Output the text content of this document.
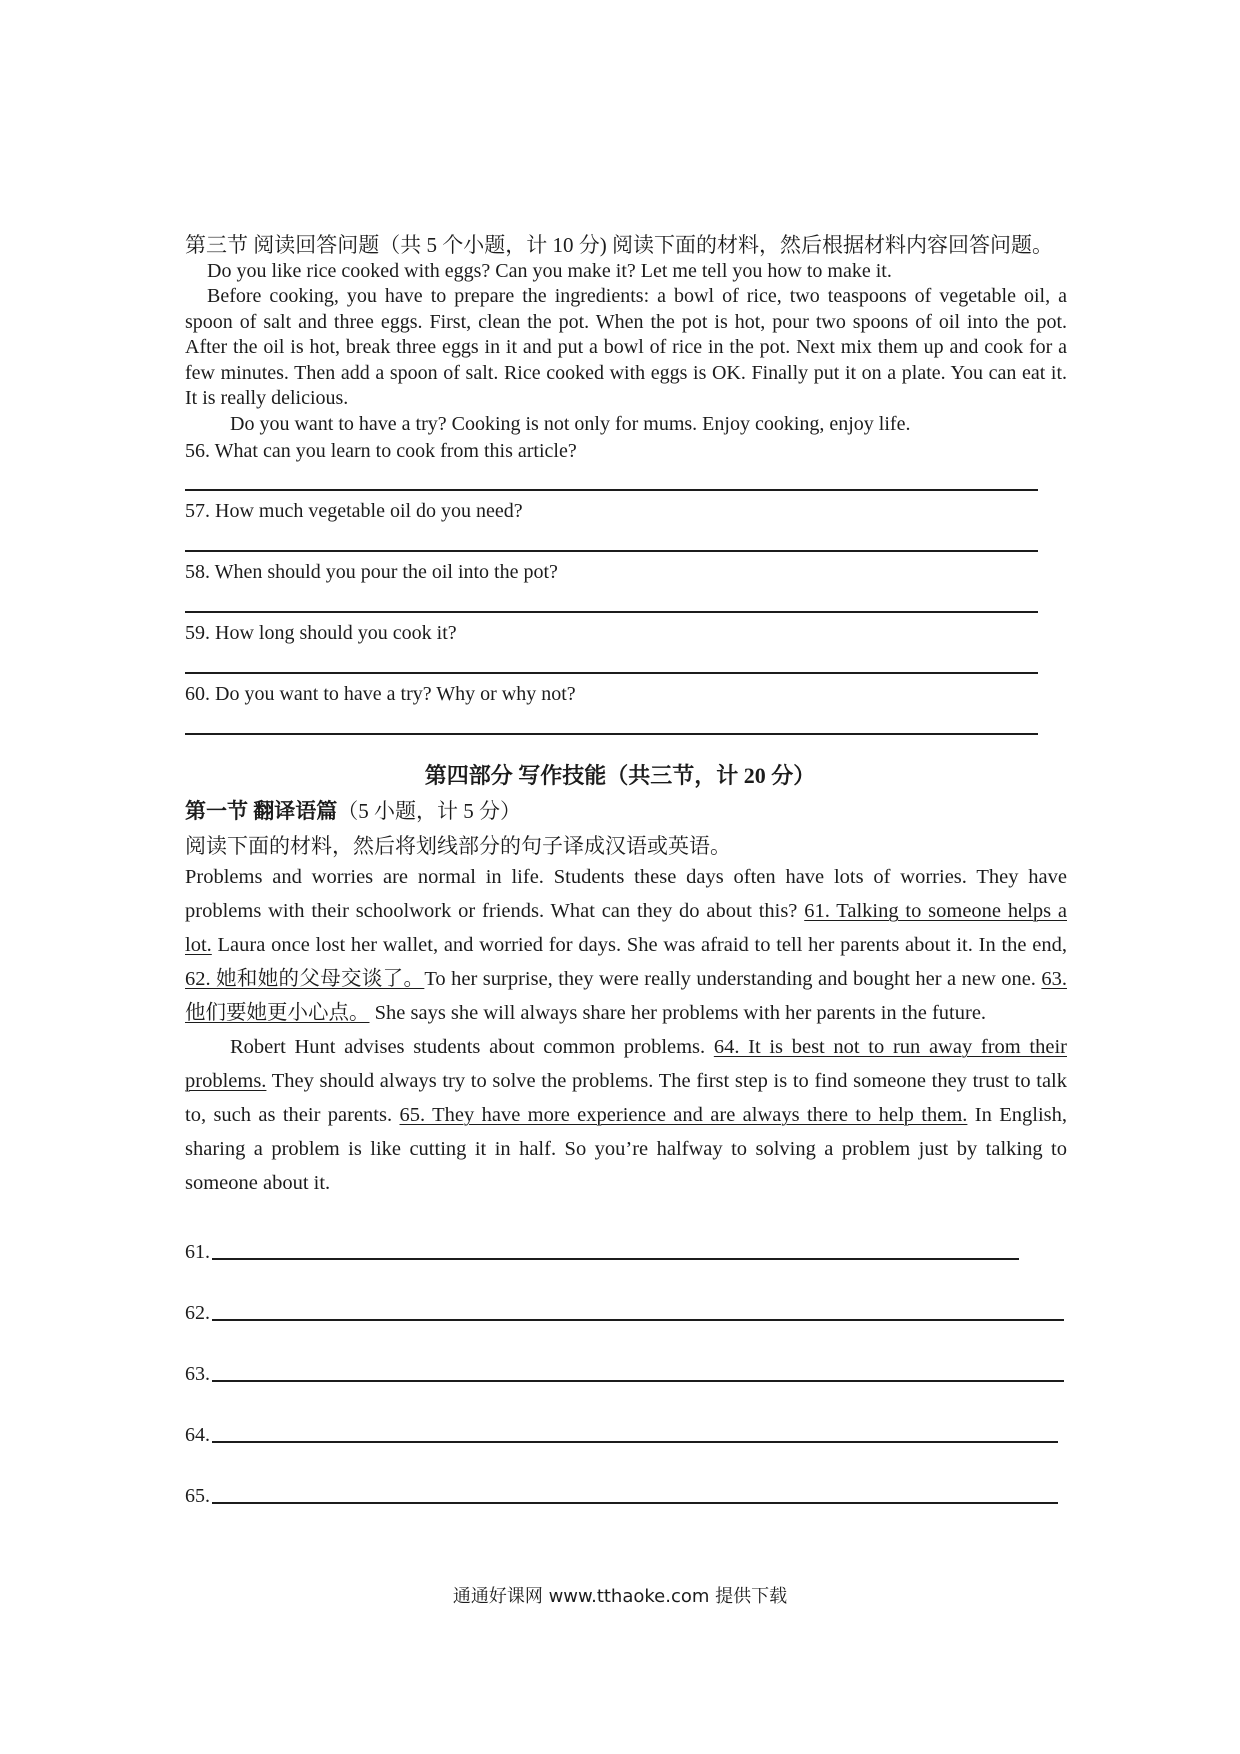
第三节 阅读回答问题（共 5 个小题，计 10 分) 阅读下面的材料，然后根据材料内容回答问题。

Do you like rice cooked with eggs? Can you make it? Let me tell you how to make it.

Before cooking, you have to prepare the ingredients: a bowl of rice, two teaspoons of vegetable oil, a spoon of salt and three eggs. First, clean the pot. When the pot is hot, pour two spoons of oil into the pot. After the oil is hot, break three eggs in it and put a bowl of rice in the pot. Next mix them up and cook for a few minutes. Then add a spoon of salt. Rice cooked with eggs is OK. Finally put it on a plate. You can eat it. It is really delicious.

Do you want to have a try? Cooking is not only for mums. Enjoy cooking, enjoy life.

56. What can you learn to cook from this article?
57. How much vegetable oil do you need?
58. When should you pour the oil into the pot?
59. How long should you cook it?
60. Do you want to have a try? Why or why not?
第四部分 写作技能（共三节，计 20 分）
第一节 翻译语篇（5 小题，计 5 分）
阅读下面的材料，然后将划线部分的句子译成汉语或英语。

Problems and worries are normal in life. Students these days often have lots of worries. They have problems with their schoolwork or friends. What can they do about this? 61. Talking to someone helps a lot. Laura once lost her wallet, and worried for days. She was afraid to tell her parents about it. In the end, 62. 她和她的父母交谈了。To her surprise, they were really understanding and bought her a new one. 63. 他们要她更小心点。 She says she will always share her problems with her parents in the future.

Robert Hunt advises students about common problems. 64. It is best not to run away from their problems. They should always try to solve the problems. The first step is to find someone they trust to talk to, such as their parents. 65. They have more experience and are always there to help them. In English, sharing a problem is like cutting it in half. So you’re halfway to solving a problem just by talking to someone about it.

61.
62.
63.
64.
65.
通通好课网 www.tthaoke.com 提供下载
